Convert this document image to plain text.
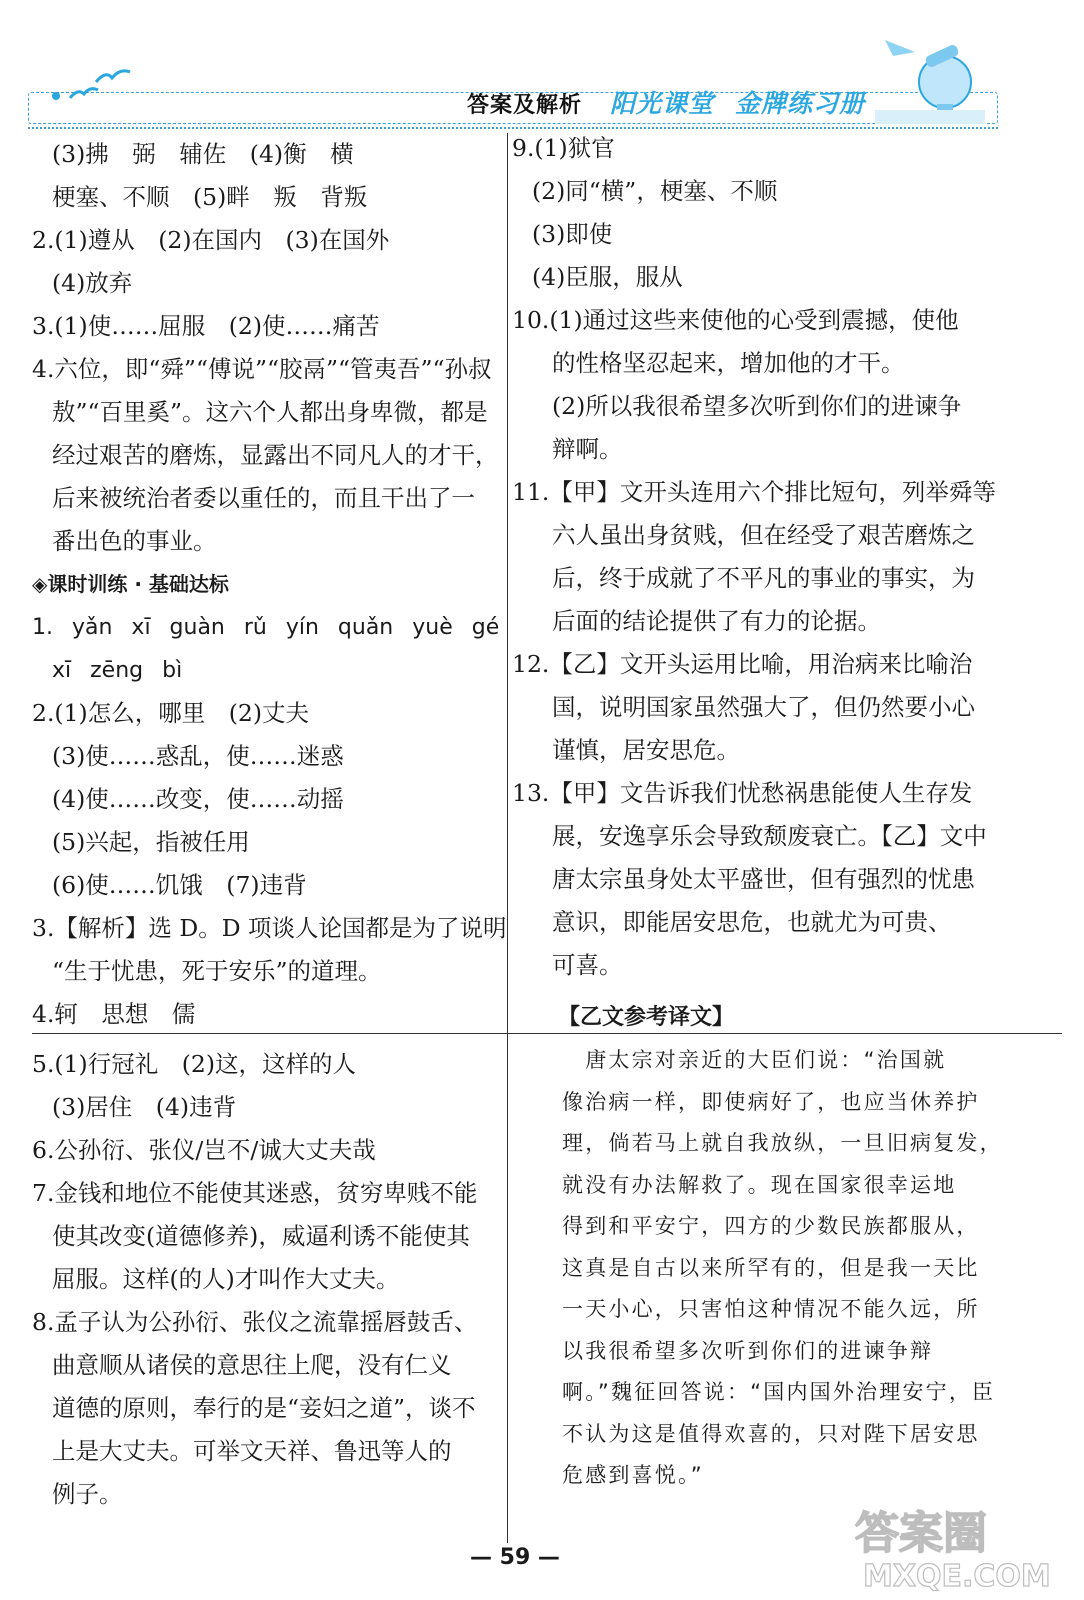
答案及解析 阳光课堂 金牌练习册
(3)拂　弼　辅佐　(4)衡　横
梗塞、不顺　(5)畔　叛　背叛
2.(1)遵从　(2)在国内　(3)在国外
(4)放弃
3.(1)使……屈服　(2)使……痛苦
4.六位，即“舜”“傅说”“胶鬲”“管夷吾”“孙叔
敖”“百里奚”。这六个人都出身卑微，都是
经过艰苦的磨炼，显露出不同凡人的才干，
后来被统治者委以重任的，而且干出了一
番出色的事业。
◈课时训练 · 基础达标
1. yǎn xī guàn rǔ yín quǎn yuè gé
xī zēng bì
2.(1)怎么，哪里　(2)丈夫
(3)使……惑乱，使……迷惑
(4)使……改变，使……动摇
(5)兴起，指被任用
(6)使……饥饿　(7)违背
3.【解析】选 D。D 项谈人论国都是为了说明
“生于忧患，死于安乐”的道理。
4.轲　思想　儒
5.(1)行冠礼　(2)这，这样的人
(3)居住　(4)违背
6.公孙衍、张仪/岂不/诚大丈夫哉
7.金钱和地位不能使其迷惑，贫穷卑贱不能
使其改变(道德修养)，威逼利诱不能使其
屈服。这样(的人)才叫作大丈夫。
8.孟子认为公孙衍、张仪之流靠摇唇鼓舌、
曲意顺从诸侯的意思往上爬，没有仁义
道德的原则，奉行的是“妾妇之道”，谈不
上是大丈夫。可举文天祥、鲁迅等人的
例子。
9.(1)狱官
(2)同“横”，梗塞、不顺
(3)即使
(4)臣服，服从
10.(1)通过这些来使他的心受到震撼，使他
的性格坚忍起来，增加他的才干。
(2)所以我很希望多次听到你们的进谏争
辩啊。
11.【甲】文开头连用六个排比短句，列举舜等
六人虽出身贫贱，但在经受了艰苦磨炼之
后，终于成就了不平凡的事业的事实，为
后面的结论提供了有力的论据。
12.【乙】文开头运用比喻，用治病来比喻治
国，说明国家虽然强大了，但仍然要小心
谨慎，居安思危。
13.【甲】文告诉我们忧愁祸患能使人生存发
展，安逸享乐会导致颓废衰亡。【乙】文中
唐太宗虽身处太平盛世，但有强烈的忧患
意识，即能居安思危，也就尤为可贵、
可喜。
【乙文参考译文】
　唐太宗对亲近的大臣们说：“治国就
像治病一样，即使病好了，也应当休养护
理，倘若马上就自我放纵，一旦旧病复发，
就没有办法解救了。现在国家很幸运地
得到和平安宁，四方的少数民族都服从，
这真是自古以来所罕有的，但是我一天比
一天小心，只害怕这种情况不能久远，所
以我很希望多次听到你们的进谏争辩
啊。”魏征回答说：“国内国外治理安宁，臣
不认为这是值得欢喜的，只对陛下居安思
危感到喜悦。”
— 59 —	答案圈
MXQE.COM
